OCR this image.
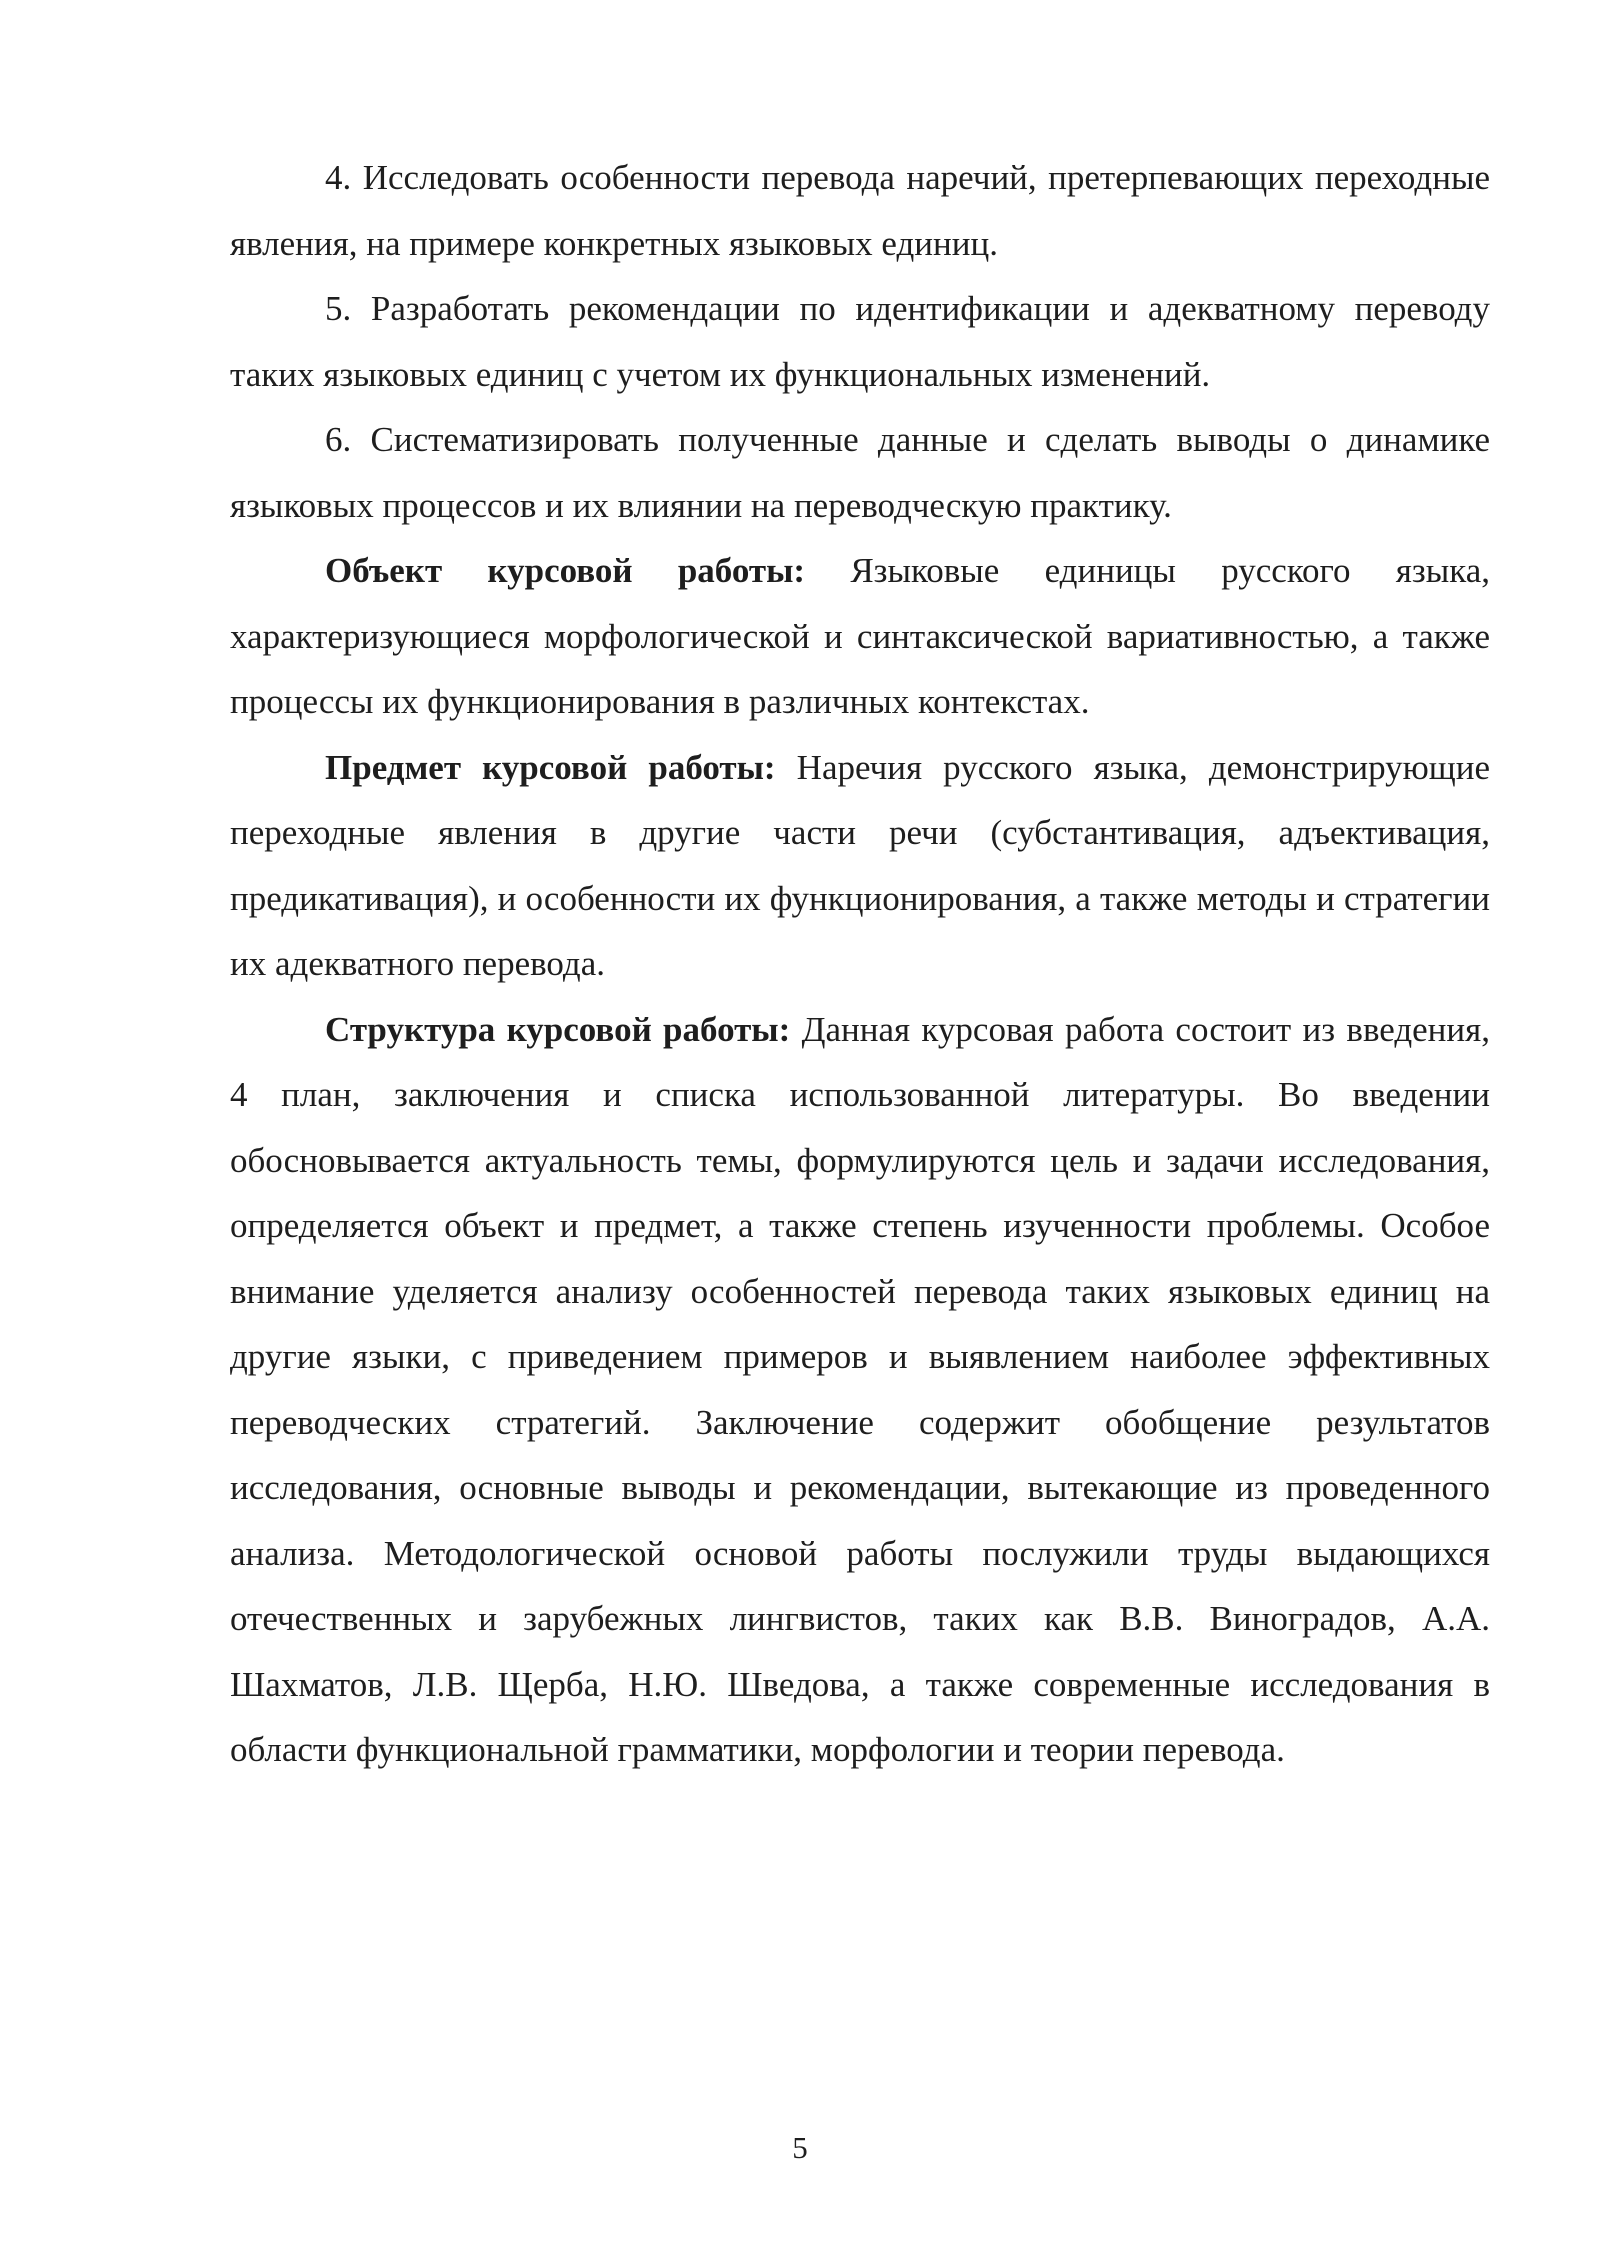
4. Исследовать особенности перевода наречий, претерпевающих переходные явления, на примере конкретных языковых единиц.

5. Разработать рекомендации по идентификации и адекватному переводу таких языковых единиц с учетом их функциональных изменений.

6. Систематизировать полученные данные и сделать выводы о динамике языковых процессов и их влиянии на переводческую практику.

Объект курсовой работы: Языковые единицы русского языка, характеризующиеся морфологической и синтаксической вариативностью, а также процессы их функционирования в различных контекстах.

Предмет курсовой работы: Наречия русского языка, демонстрирующие переходные явления в другие части речи (субстантивация, адъективация, предикативация), и особенности их функционирования, а также методы и стратегии их адекватного перевода.

Структура курсовой работы: Данная курсовая работа состоит из введения, 4 план, заключения и списка использованной литературы. Во введении обосновывается актуальность темы, формулируются цель и задачи исследования, определяется объект и предмет, а также степень изученности проблемы. Особое внимание уделяется анализу особенностей перевода таких языковых единиц на другие языки, с приведением примеров и выявлением наиболее эффективных переводческих стратегий. Заключение содержит обобщение результатов исследования, основные выводы и рекомендации, вытекающие из проведенного анализа. Методологической основой работы послужили труды выдающихся отечественных и зарубежных лингвистов, таких как В.В. Виноградов, А.А. Шахматов, Л.В. Щерба, Н.Ю. Шведова, а также современные исследования в области функциональной грамматики, морфологии и теории перевода.

5
